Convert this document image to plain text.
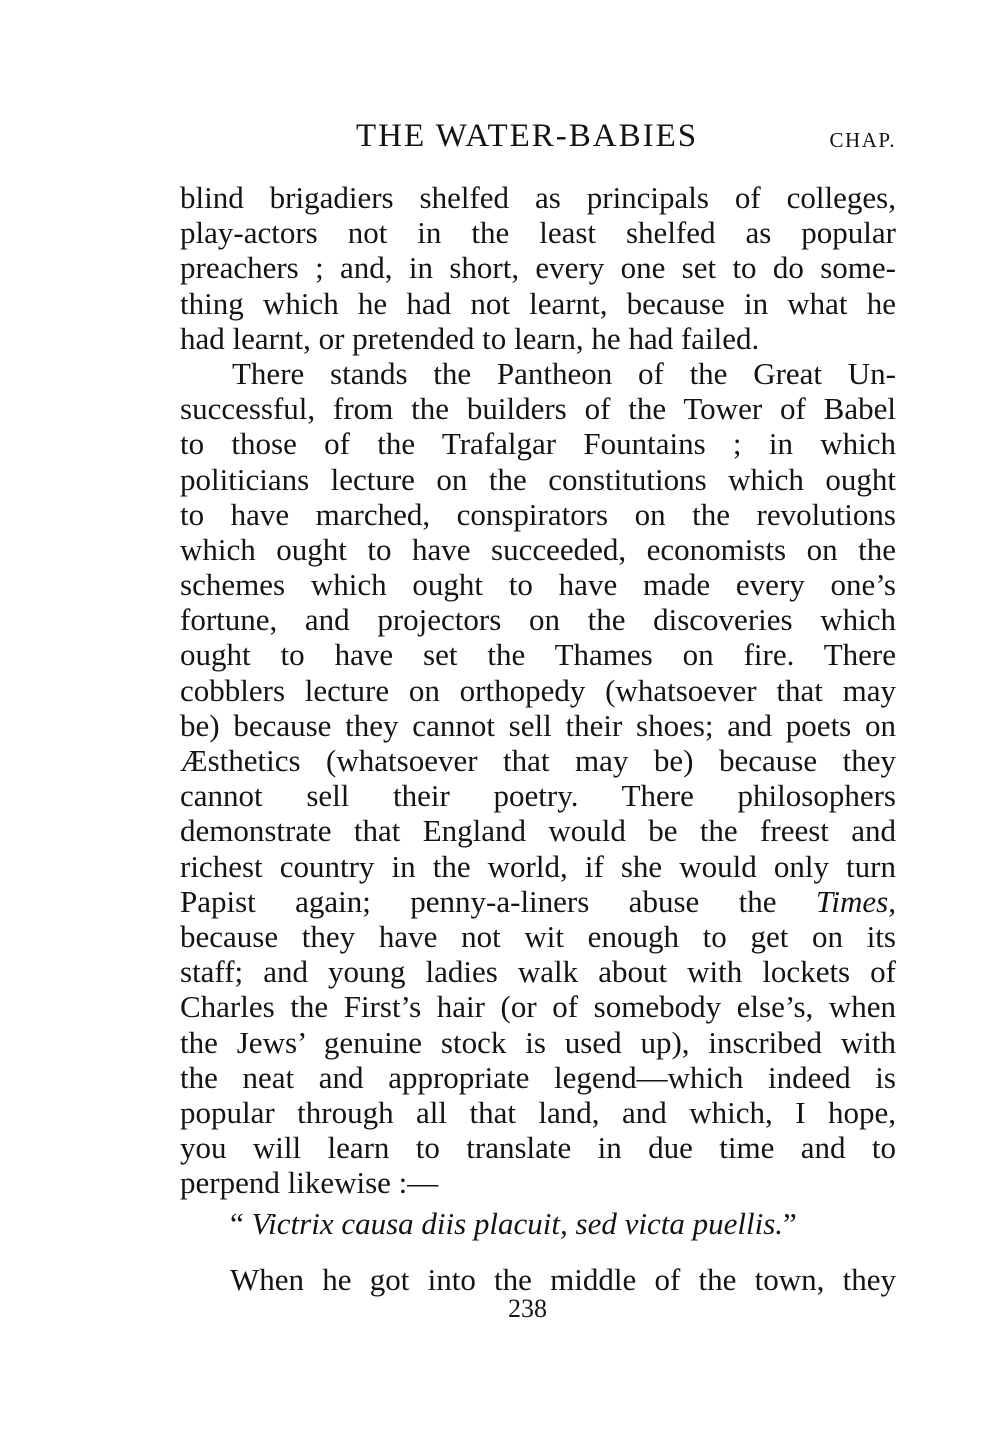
THE WATER-BABIES	CHAP.
blind brigadiers shelfed as principals of colleges,
play-actors not in the least shelfed as popular
preachers ; and, in short, every one set to do some-
thing which he had not learnt, because in what he
had learnt, or pretended to learn, he had failed.
There stands the Pantheon of the Great Un-
successful, from the builders of the Tower of Babel
to those of the Trafalgar Fountains ; in which
politicians lecture on the constitutions which ought
to have marched, conspirators on the revolutions
which ought to have succeeded, economists on the
schemes which ought to have made every one’s
fortune, and projectors on the discoveries which
ought to have set the Thames on fire. There
cobblers lecture on orthopedy (whatsoever that may
be) because they cannot sell their shoes; and poets on
Æsthetics (whatsoever that may be) because they
cannot sell their poetry. There philosophers
demonstrate that England would be the freest and
richest country in the world, if she would only turn
Papist again; penny-a-liners abuse the Times,
because they have not wit enough to get on its
staff; and young ladies walk about with lockets of
Charles the First’s hair (or of somebody else’s, when
the Jews’ genuine stock is used up), inscribed with
the neat and appropriate legend—which indeed is
popular through all that land, and which, I hope,
you will learn to translate in due time and to
perpend likewise :—
“ Victrix causa diis placuit, sed victa puellis.”
When he got into the middle of the town, they
238
